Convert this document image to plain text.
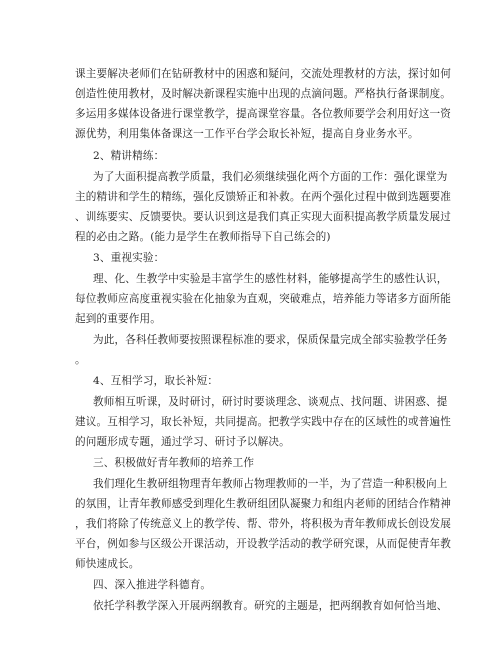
课主要解决老师们在钻研教材中的困惑和疑问，交流处理教材的方法，探讨如何
创造性使用教材，及时解决新课程实施中出现的点滴问题。严格执行备课制度。
多运用多媒体设备进行课堂教学，提高课堂容量。各位教师要学会利用好这一资
源优势，利用集体备课这一工作平台学会取长补短，提高自身业务水平。
2、精讲精练：
为了大面积提高教学质量，我们必须继续强化两个方面的工作：强化课堂为
主的精讲和学生的精练，强化反馈矫正和补救。在两个强化过程中做到选题要准
、训练要实、反馈要快。要认识到这是我们真正实现大面积提高教学质量发展过
程的必由之路。(能力是学生在教师指导下自己练会的)
3、重视实验：
理、化、生教学中实验是丰富学生的感性材料，能够提高学生的感性认识，
每位教师应高度重视实验在化抽象为直观，突破难点，培养能力等诸多方面所能
起到的重要作用。
为此，各科任教师要按照课程标准的要求，保质保量完成全部实验教学任务
。
4、互相学习，取长补短：
教师相互听课，及时研讨，研讨时要谈理念、谈观点、找问题、讲困惑、提
建议。互相学习，取长补短，共同提高。把教学实践中存在的区域性的或普遍性
的问题形成专题，通过学习、研讨予以解决。
三、积极做好青年教师的培养工作
我们理化生教研组物理青年教师占物理教师的一半，为了营造一种积极向上
的氛围，让青年教师感受到理化生教研组团队凝聚力和组内老师的团结合作精神
，我们将除了传统意义上的教学传、帮、带外，将积极为青年教师成长创设发展
平台，例如参与区级公开课活动，开设教学活动的教学研究课，从而促使青年教
师快速成长。
四、深入推进学科德育。
依托学科教学深入开展两纲教育。研究的主题是，把两纲教育如何恰当地、
